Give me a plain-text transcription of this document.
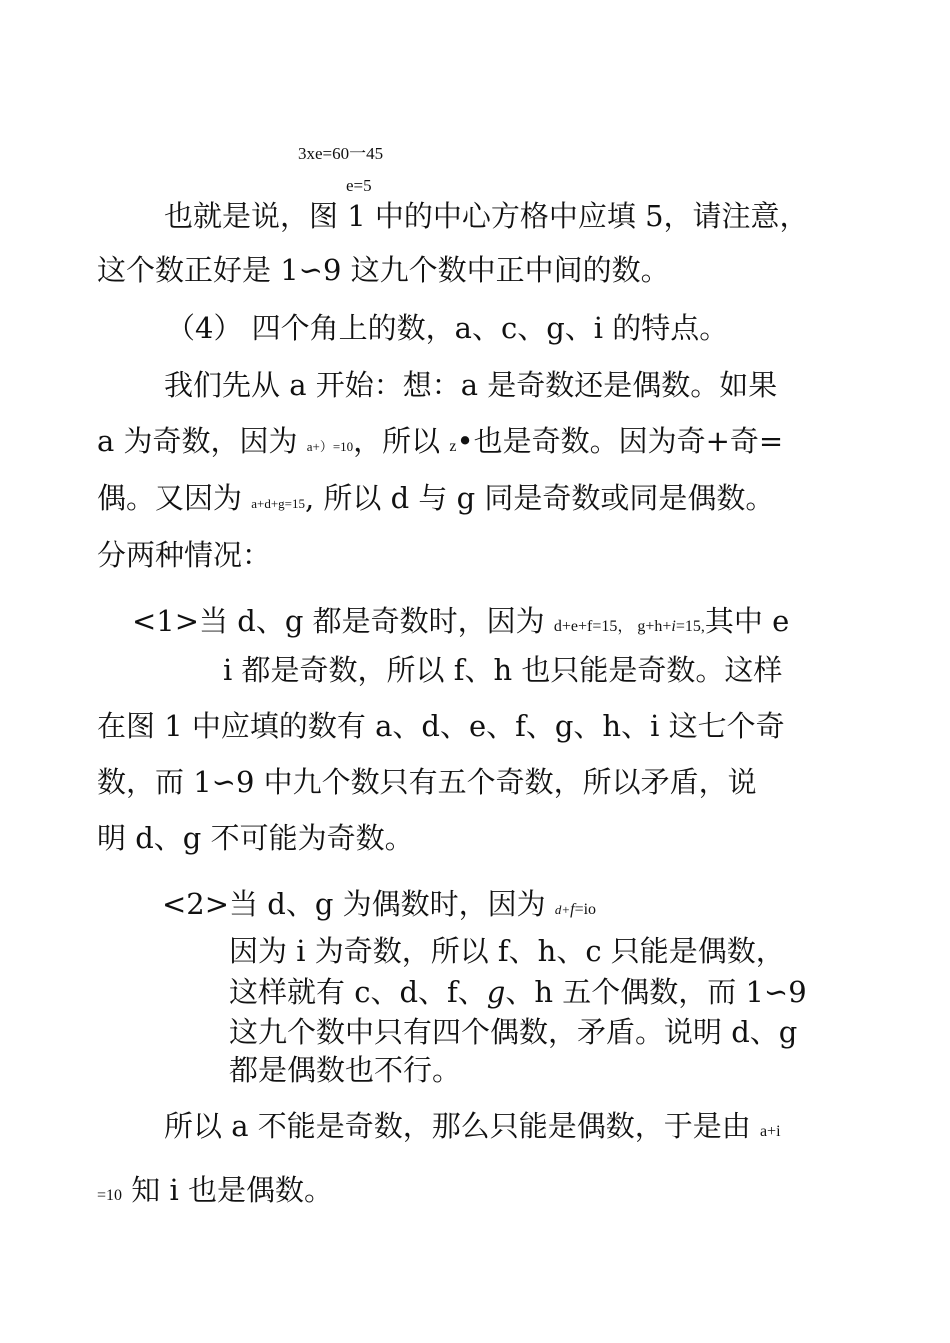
3xe=60一45
e=5
也就是说，图 1 中的中心方格中应填 5，请注意，
这个数正好是 1∽9 这九个数中正中间的数。
（4） 四个角上的数，a、c、g、i 的特点。
我们先从 a 开始：想：a 是奇数还是偶数。如果
a 为奇数，因为 a+）=10，所以 z•也是奇数。因为奇+奇=
偶。又因为 a+d+g=15, 所以 d 与 g 同是奇数或同是偶数。
分两种情况：
<1>当 d、g 都是奇数时，因为 d+e+f=15， g+h+i=15,其中 e
i 都是奇数，所以 f、h 也只能是奇数。这样
在图 1 中应填的数有 a、d、e、f、g、h、i 这七个奇
数，而 1∽9 中九个数只有五个奇数，所以矛盾，说
明 d、g 不可能为奇数。
<2>当 d、g 为偶数时，因为 d+f=io
因为 i 为奇数，所以 f、h、c 只能是偶数，
这样就有 c、d、f、g、h 五个偶数，而 1∽9
这九个数中只有四个偶数，矛盾。说明 d、g
都是偶数也不行。
所以 a 不能是奇数，那么只能是偶数，于是由 a+i
=10 知 i 也是偶数。
